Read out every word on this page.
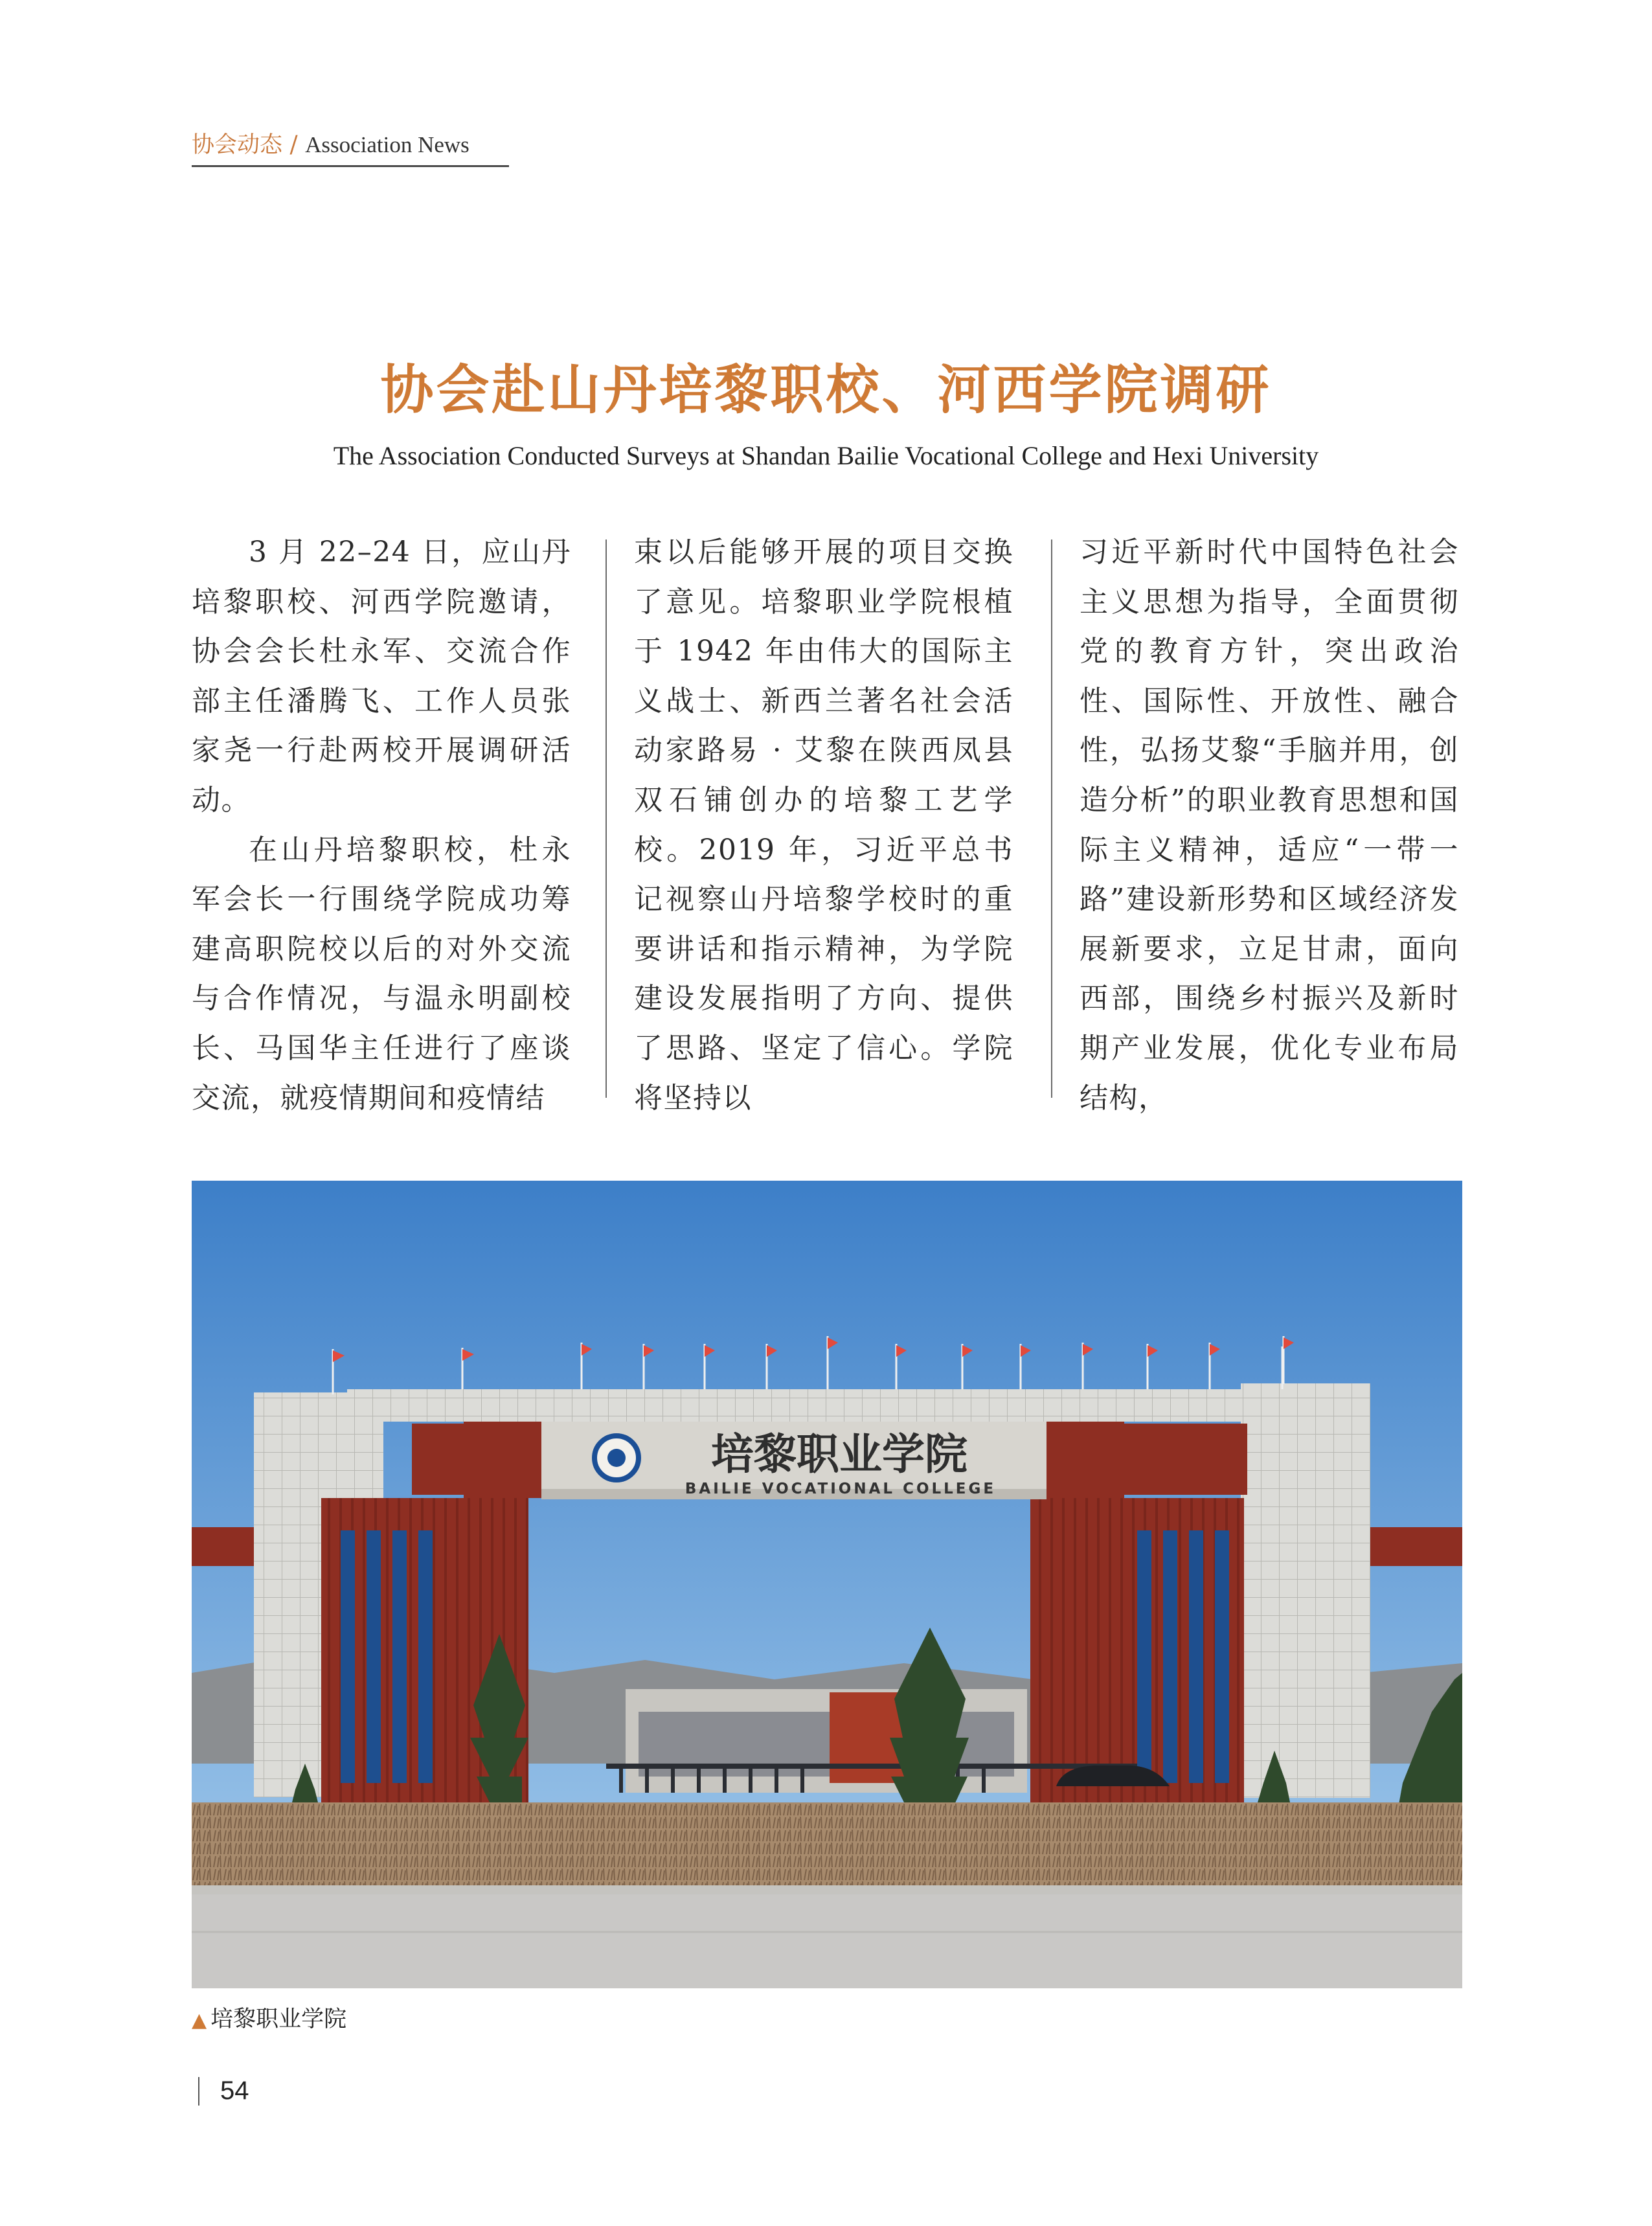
协会动态 / Association News
协会赴山丹培黎职校、河西学院调研
The Association Conducted Surveys at Shandan Bailie Vocational College and Hexi University

3 月 22–24 日，应山丹培黎职校、河西学院邀请，协会会长杜永军、交流合作部主任潘腾飞、工作人员张家尧一行赴两校开展调研活动。

在山丹培黎职校，杜永军会长一行围绕学院成功筹建高职院校以后的对外交流与合作情况，与温永明副校长、马国华主任进行了座谈交流，就疫情期间和疫情结

束以后能够开展的项目交换了意见。培黎职业学院根植于 1942 年由伟大的国际主义战士、新西兰著名社会活动家路易 · 艾黎在陕西凤县双石铺创办的培黎工艺学校。2019 年，习近平总书记视察山丹培黎学校时的重要讲话和指示精神，为学院建设发展指明了方向、提供了思路、坚定了信心。学院将坚持以

习近平新时代中国特色社会主义思想为指导，全面贯彻党的教育方针，突出政治性、国际性、开放性、融合性，弘扬艾黎“手脑并用，创造分析”的职业教育思想和国际主义精神，适应“一带一路”建设新形势和区域经济发展新要求，立足甘肃，面向西部，围绕乡村振兴及新时期产业发展，优化专业布局结构，

培黎职业学院
BAILIE VOCATIONAL COLLEGE
▲ 培黎职业学院
54
